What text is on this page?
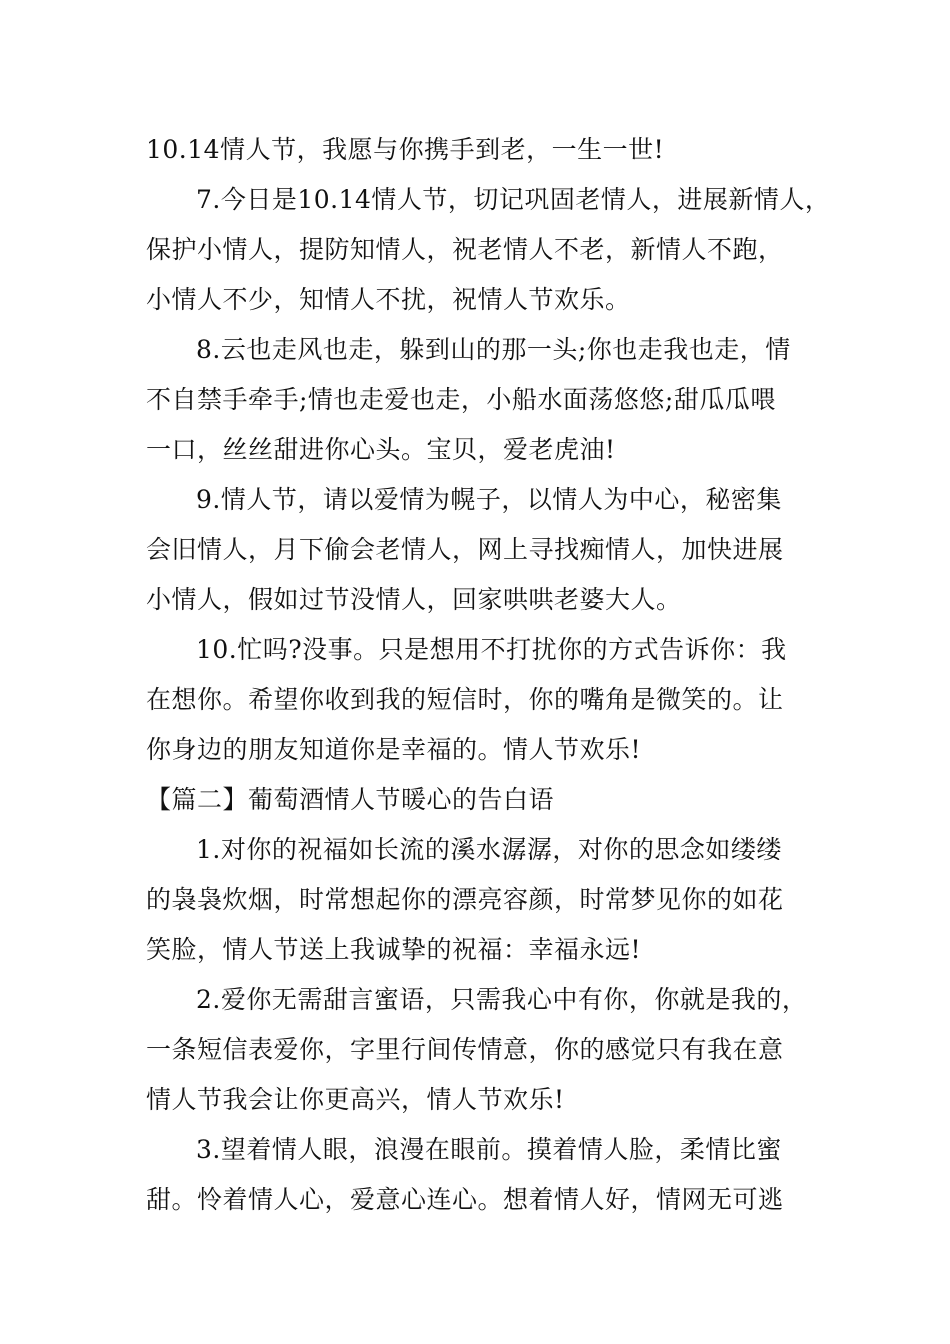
10.14情人节，我愿与你携手到老，一生一世!
7.今日是10.14情人节，切记巩固老情人，进展新情人，
保护小情人，提防知情人，祝老情人不老，新情人不跑，
小情人不少，知情人不扰，祝情人节欢乐。
8.云也走风也走，躲到山的那一头;你也走我也走，情
不自禁手牵手;情也走爱也走，小船水面荡悠悠;甜瓜瓜喂
一口，丝丝甜进你心头。宝贝，爱老虎油!
9.情人节，请以爱情为幌子，以情人为中心，秘密集
会旧情人，月下偷会老情人，网上寻找痴情人，加快进展
小情人，假如过节没情人，回家哄哄老婆大人。
10.忙吗?没事。只是想用不打扰你的方式告诉你：我
在想你。希望你收到我的短信时，你的嘴角是微笑的。让
你身边的朋友知道你是幸福的。情人节欢乐!
【篇二】葡萄酒情人节暖心的告白语
1.对你的祝福如长流的溪水潺潺，对你的思念如缕缕
的袅袅炊烟，时常想起你的漂亮容颜，时常梦见你的如花
笑脸，情人节送上我诚挚的祝福：幸福永远!
2.爱你无需甜言蜜语，只需我心中有你，你就是我的，
一条短信表爱你，字里行间传情意，你的感觉只有我在意
情人节我会让你更高兴，情人节欢乐!
3.望着情人眼，浪漫在眼前。摸着情人脸，柔情比蜜
甜。怜着情人心，爱意心连心。想着情人好，情网无可逃
